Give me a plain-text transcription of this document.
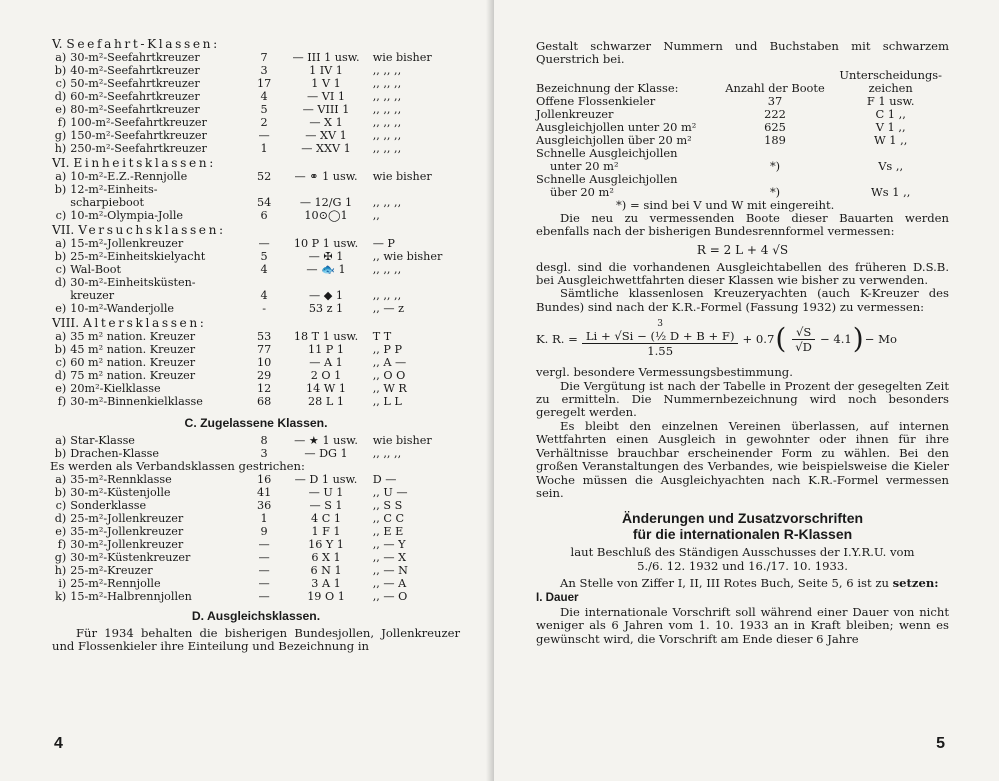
V. Seefahrt-Klassen:
a)	30-m²-Seefahrtkreuzer	7	— III 1 usw.	wie bisher
b)	40-m²-Seefahrtkreuzer	3	1 IV 1	,, ,, ,,
c)	50-m²-Seefahrtkreuzer	17	1 V 1	,, ,, ,,
d)	60-m²-Seefahrtkreuzer	4	— VI 1	,, ,, ,,
e)	80-m²-Seefahrtkreuzer	5	— VIII 1	,, ,, ,,
f)	100-m²-Seefahrtkreuzer	2	— X 1	,, ,, ,,
g)	150-m²-Seefahrtkreuzer	—	— XV 1	,, ,, ,,
h)	250-m²-Seefahrtkreuzer	1	— XXV 1	,, ,, ,,
VI. Einheitsklassen:
a)	10-m²-E.Z.-Rennjolle	52	— ⚭ 1 usw.	wie bisher
b)	12-m²-Einheits-			
	scharpieboot	54	— 12/G 1	,, ,, ,,
c)	10-m²-Olympia-Jolle	6	10⊙◯1	,,
VII. Versuchsklassen:
a)	15-m²-Jollenkreuzer	—	10 P 1 usw.	— P
b)	25-m²-Einheitskielyacht	5	— ✠ 1	,, wie bisher
c)	Wal-Boot	4	— 🐟 1	,, ,, ,,
d)	30-m²-Einheitsküsten-			
	kreuzer	4	— ◆ 1	,, ,, ,,
e)	10-m²-Wanderjolle	-	53 z 1	,, — z
VIII. Altersklassen:
a)	35 m² nation. Kreuzer	53	18 T 1 usw.	T T
b)	45 m² nation. Kreuzer	77	11 P 1	,, P P
c)	60 m² nation. Kreuzer	10	— A 1	,, A —
d)	75 m² nation. Kreuzer	29	2 O 1	,, O O
e)	20m²-Kielklasse	12	14 W 1	,, W R
f)	30-m²-Binnenkielklasse	68	28 L 1	,, L L
C. Zugelassene Klassen.
a)	Star-Klasse	8	— ★ 1 usw.	wie bisher
b)	Drachen-Klasse	3	— DG 1	,, ,, ,,
Es werden als Verbandsklassen gestrichen:
a)	35-m²-Rennklasse	16	— D 1 usw.	D —
b)	30-m²-Küstenjolle	41	— U 1	,, U —
c)	Sonderklasse	36	— S 1	,, S S
d)	25-m²-Jollenkreuzer	1	4 C 1	,, C C
e)	35-m²-Jollenkreuzer	9	1 F 1	,, E E
f)	30-m²-Jollenkreuzer	—	16 Y 1	,, — Y
g)	30-m²-Küstenkreuzer	—	6 X 1	,, — X
h)	25-m²-Kreuzer	—	6 N 1	,, — N
i)	25-m²-Rennjolle	—	3 A 1	,, — A
k)	15-m²-Halbrennjollen	—	19 O 1	,, — O
D. Ausgleichsklassen.
Für 1934 behalten die bisherigen Bundesjollen, Jollenkreuzer und Flossenkieler ihre Einteilung und Bezeichnung in
4
Gestalt schwarzer Nummern und Buchstaben mit schwarzem Querstrich bei.
Bezeichnung der Klasse:	Anzahl der Boote	Unterscheidungs-zeichen
Offene Flossenkieler	37	F 1 usw.
Jollenkreuzer	222	C 1 ,,
Ausgleichjollen unter 20 m²	625	V 1 ,,
Ausgleichjollen über 20 m²	189	W 1 ,,
Schnelle Ausgleichjollen		
unter 20 m²	*)	Vs ,,
Schnelle Ausgleichjollen		
über 20 m²	*)	Ws 1 ,,
*) = sind bei V und W mit eingereiht.
Die neu zu vermessenden Boote dieser Bauarten werden ebenfalls nach der bisherigen Bundesrennformel vermessen:
R = 2 L + 4 √S
desgl. sind die vorhandenen Ausgleichtabellen des früheren D.S.B. bei Ausgleichwettfahrten dieser Klassen wie bisher zu verwenden.
Sämtliche klassenlosen Kreuzeryachten (auch K-Kreuzer des Bundes) sind nach der K.R.-Formel (Fassung 1932) zu vermessen:
K. R. =
3
Li + √Si − (½ D + B + F)
1.55
+ 0.7 ( $\frac{√S}{√D} - 4.1$ ) − Mo
vergl. besondere Vermessungsbestimmung.
Die Vergütung ist nach der Tabelle in Prozent der gesegelten Zeit zu ermitteln. Die Nummernbezeichnung wird noch besonders geregelt werden.
Es bleibt den einzelnen Vereinen überlassen, auf internen Wettfahrten einen Ausgleich in gewohnter oder ihnen für ihre Verhältnisse brauchbar erscheinender Form zu wählen. Bei den großen Veranstaltungen des Verbandes, wie beispielsweise die Kieler Woche müssen die Ausgleichyachten nach K.R.-Formel vermessen sein.
Änderungen und Zusatzvorschriften
für die internationalen R-Klassen
laut Beschluß des Ständigen Ausschusses der I.Y.R.U. vom 5./6. 12. 1932 und 16./17. 10. 1933.
An Stelle von Ziffer I, II, III Rotes Buch, Seite 5, 6 ist zu setzen:
I. Dauer
Die internationale Vorschrift soll während einer Dauer von nicht weniger als 6 Jahren vom 1. 10. 1933 an in Kraft bleiben; wenn es gewünscht wird, die Vorschrift am Ende dieser 6 Jahre
5
